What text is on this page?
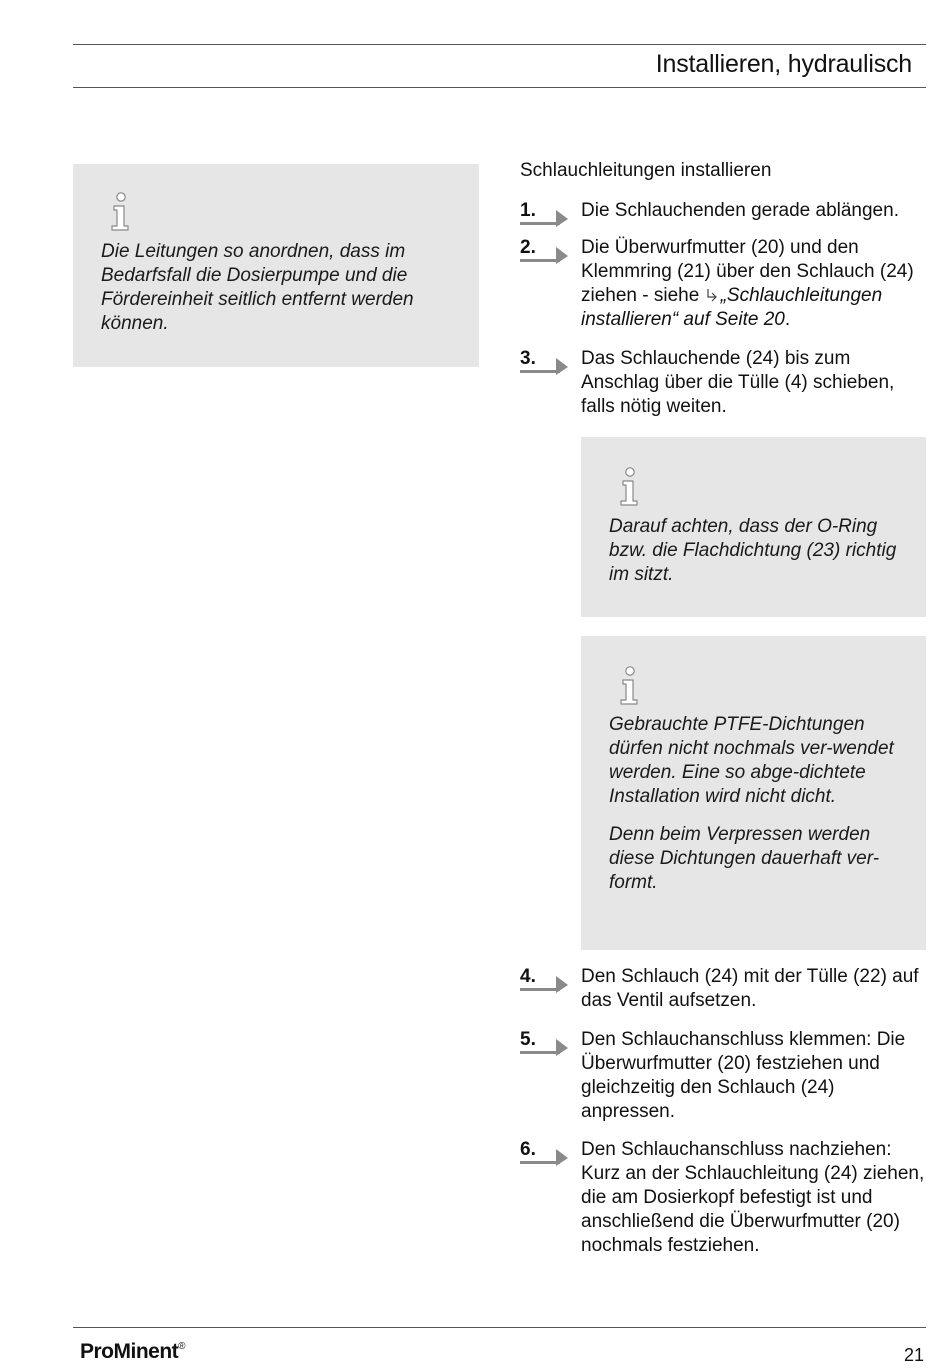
Installieren, hydraulisch
Die Leitungen so anordnen, dass im Bedarfsfall die Dosierpumpe und die Fördereinheit seitlich entfernt werden können.
Schlauchleitungen installieren
1. Die Schlauchenden gerade ablängen.
2. Die Überwurfmutter (20) und den Klemmring (21) über den Schlauch (24) ziehen - siehe „Schlauchleitungen installieren“ auf Seite 20.
3. Das Schlauchende (24) bis zum Anschlag über die Tülle (4) schieben, falls nötig weiten.
Darauf achten, dass der O-Ring bzw. die Flachdichtung (23) richtig im sitzt.

Gebrauchte PTFE-Dichtungen dürfen nicht nochmals ver-wendet werden. Eine so abge-dichtete Installation wird nicht dicht.

Denn beim Verpressen werden diese Dichtungen dauerhaft ver-formt.

4. Den Schlauch (24) mit der Tülle (22) auf das Ventil aufsetzen.
5. Den Schlauchanschluss klemmen: Die Überwurfmutter (20) festziehen und gleichzeitig den Schlauch (24) anpressen.
6. Den Schlauchanschluss nachziehen: Kurz an der Schlauchleitung (24) ziehen, die am Dosierkopf befestigt ist und anschließend die Überwurfmutter (20) nochmals festziehen.
ProMinent®	21
